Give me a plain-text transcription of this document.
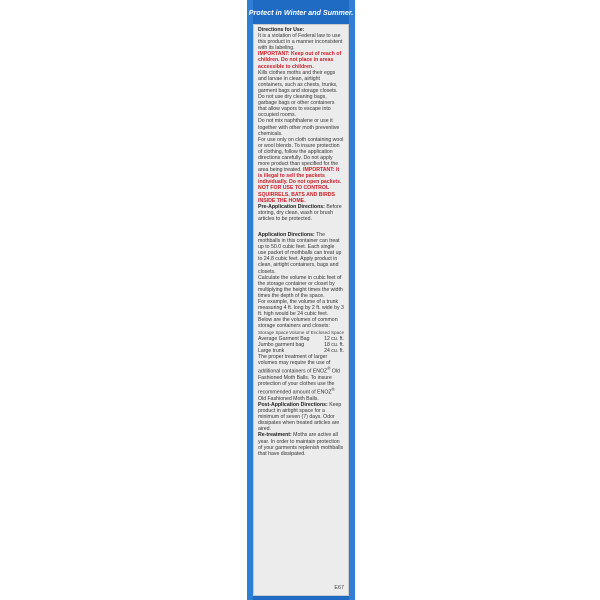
Protect in Winter and Summer.

Directions for Use:

It is a violation of Federal law to use this product in a manner inconsistent with its labeling.

IMPORTANT: Keep out of reach of children. Do not place in areas accessible to children.

Kills clothes moths and their eggs and larvae in clean, airtight containers, such as chests, trunks, garment bags and storage closets.

Do not use dry cleaning bags, garbage bags or other containers that allow vapors to escape into occupied rooms.

Do not mix naphthalene or use it together with other moth preventive chemicals.

For use only on cloth containing wool or wool blends. To insure protection of clothing, follow the application directions carefully. Do not apply more product than specified for the area being treated. IMPORTANT: It is illegal to sell the packets individually. Do not open packets. NOT FOR USE TO CONTROL SQUIRRELS, BATS AND BIRDS INSIDE THE HOME.

Pre-Application Directions: Before storing, dry clean, wash or brush articles to be protected.

Application Directions: The mothballs in this container can treat up to 50.0 cubic feet. Each single use packet of mothballs can treat up to 24.8 cubic feet. Apply product in clean, airtight containers, bags and closets.

Calculate the volume in cubic feet of the storage container or closet by multiplying the height times the width times the depth of the space.

For example, the volume of a trunk measuring 4 ft. long by 2 ft. wide by 3 ft. high would be 24 cubic feet.

Below are the volumes of common storage containers and closets:

Storage Space Volume of Enclosed Space
Average Garment Bag	12 cu. ft.
Jumbo garment bag	18 cu. ft.
Large trunk	24 cu. ft.

The proper treatment of larger volumes may require the use of additional containers of ENOZ® Old Fashioned Moth Balls. To insure protection of your clothes use the recommended amount of ENOZ® Old Fashioned Moth Balls.

Post-Application Directions: Keep product in airtight space for a minimum of seven (7) days. Odor dissipates when treated articles are aired.

Re-treatment: Moths are active all year. In order to maintain protection of your garments replenish mothballs that have dissipated.

E67
